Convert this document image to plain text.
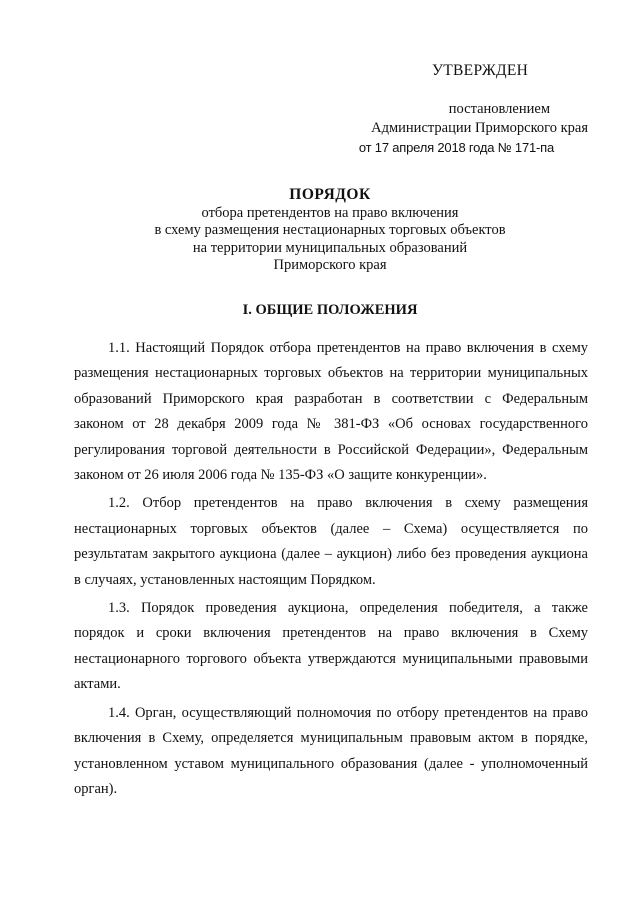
УТВЕРЖДЕН
постановлением
Администрации Приморского края
от 17 апреля 2018 года № 171-па
ПОРЯДОК
отбора претендентов на право включения
в схему размещения нестационарных торговых объектов
на территории муниципальных образований
Приморского края
I. ОБЩИЕ ПОЛОЖЕНИЯ

1.1. Настоящий Порядок отбора претендентов на право включения в схему размещения нестационарных торговых объектов на территории муниципальных образований Приморского края разработан в соответствии с Федеральным законом от 28 декабря 2009 года № 381-ФЗ «Об основах государственного регулирования торговой деятельности в Российской Федерации», Федеральным законом от 26 июля 2006 года № 135-ФЗ «О защите конкуренции».

1.2. Отбор претендентов на право включения в схему размещения нестационарных торговых объектов (далее – Схема) осуществляется по результатам закрытого аукциона (далее – аукцион) либо без проведения аукциона в случаях, установленных настоящим Порядком.

1.3. Порядок проведения аукциона, определения победителя, а также порядок и сроки включения претендентов на право включения в Схему нестационарного торгового объекта утверждаются муниципальными правовыми актами.

1.4. Орган, осуществляющий полномочия по отбору претендентов на право включения в Схему, определяется муниципальным правовым актом в порядке, установленном уставом муниципального образования (далее - уполномоченный орган).
